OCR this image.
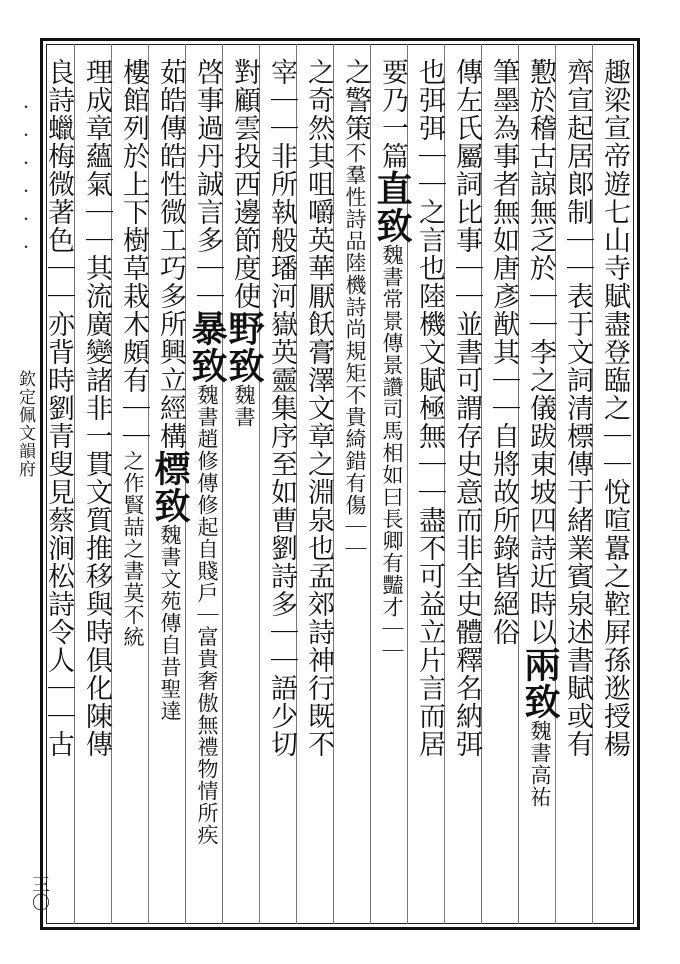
・・・・・・
欽定佩文韻府	趣梁宣帝遊七山寺賦盡登臨之｜｜悅喧囂之鞚屛孫逖授楊
齊宣起居郞制｜｜表于文詞清標傳于緒業賓泉述書賦或有
懃於稽古諒無乏於｜｜李之儀跋東坡四詩近時以兩致魏書高祐
筆墨為事者無如唐彥猷其｜｜自將故所錄皆絕俗
傳左氏屬詞比事｜｜並書可謂存史意而非全史體釋名納弭
也弭弭｜｜之言也陸機文賦極無｜｜盡不可益立片言而居
要乃一篇直致魏書常景傳景讚司馬相如曰長卿有豔才｜｜
之警策不羣性詩品陸機詩尚規矩不貴綺錯有傷｜｜
之奇然其咀嚼英華厭飫膏澤文章之淵泉也孟郊詩神行既不
宰｜｜非所執般璠河嶽英靈集序至如曹劉詩多｜｜語少切
對顧雲投西邊節度使野致魏書
啓事過丹誠言多｜｜暴致魏書趙修傳修起自賤戶｜富貴奢傲無禮物情所疾
茹皓傳皓性微工巧多所興立經構標致魏書文苑傳自昔聖達
樓館列於上下樹草栽木頗有｜｜之作賢喆之書莫不統
理成章蘊氣｜｜其流廣變諸非一貫文質推移與時俱化陳傳
良詩蠟梅微著色｜｜亦背時劉青叟見蔡涧松詩令人｜｜古
三〇
